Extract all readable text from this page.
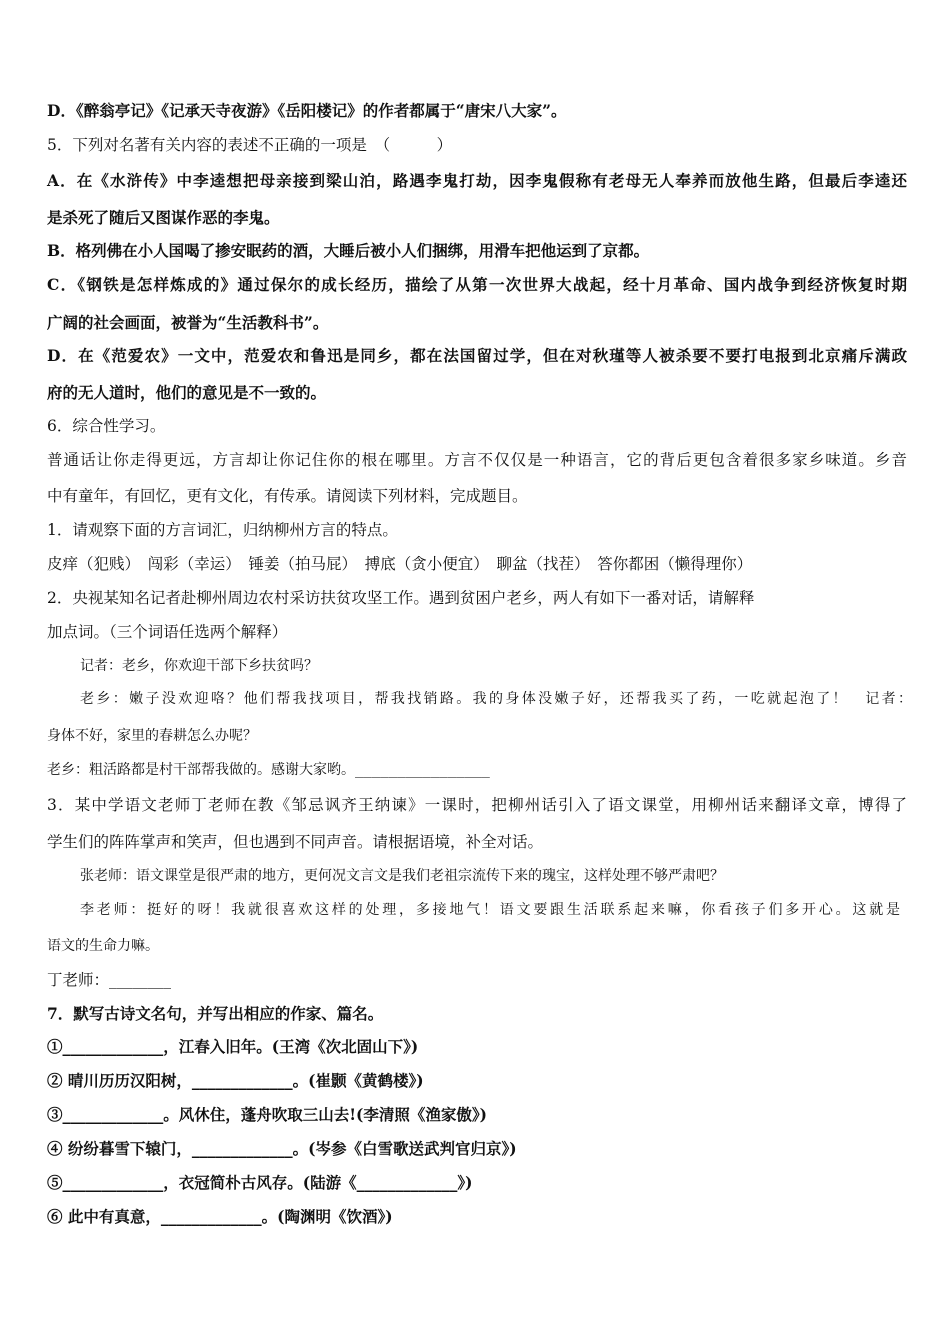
D．《醉翁亭记》《记承天寺夜游》《岳阳楼记》的作者都属于“唐宋八大家”。
5．下列对名著有关内容的表述不正确的一项是　（　　　）
A．在《水浒传》中李逵想把母亲接到梁山泊，路遇李鬼打劫，因李鬼假称有老母无人奉养而放他生路，但最后李逵还
是杀死了随后又图谋作恶的李鬼。
B．格列佛在小人国喝了掺安眠药的酒，大睡后被小人们捆绑，用滑车把他运到了京都。
C．《钢铁是怎样炼成的》通过保尔的成长经历，描绘了从第一次世界大战起，经十月革命、国内战争到经济恢复时期
广阔的社会画面，被誉为“生活教科书”。
D．在《范爱农》一文中，范爱农和鲁迅是同乡，都在法国留过学，但在对秋瑾等人被杀要不要打电报到北京痛斥满政
府的无人道时，他们的意见是不一致的。
6．综合性学习。
普通话让你走得更远，方言却让你记住你的根在哪里。方言不仅仅是一种语言，它的背后更包含着很多家乡味道。乡音
中有童年，有回忆，更有文化，有传承。请阅读下列材料，完成题目。
1．请观察下面的方言词汇，归纳柳州方言的特点。
皮痒（犯贱）　闯彩（幸运）　锤姜（拍马屁）　搏底（贪小便宜）　聊盆（找茬）　答你都困（懒得理你）
2．央视某知名记者赴柳州周边农村采访扶贫攻坚工作。遇到贫困户老乡，两人有如下一番对话，请解释
加点词。（三个词语任选两个解释）
记者：老乡，你欢迎干部下乡扶贫吗？
老乡：嫩子没欢迎咯？他们帮我找项目，帮我找销路。我的身体没嫩子好，还帮我买了药，一吃就起泡了！　记者：
身体不好，家里的春耕怎么办呢？
老乡：粗活路都是村干部帮我做的。感谢大家哟。________________
3．某中学语文老师丁老师在教《邹忌讽齐王纳谏》一课时，把柳州话引入了语文课堂，用柳州话来翻译文章，博得了
学生们的阵阵掌声和笑声，但也遇到不同声音。请根据语境，补全对话。
张老师：语文课堂是很严肃的地方，更何况文言文是我们老祖宗流传下来的瑰宝，这样处理不够严肃吧？
李老师：挺好的呀！我就很喜欢这样的处理，多接地气！语文要跟生活联系起来嘛，你看孩子们多开心。这就是
语文的生命力嘛。
丁老师：________
7．默写古诗文名句，并写出相应的作家、篇名。
①_____________，江春入旧年。(王湾《次北固山下》)
② 晴川历历汉阳树，_____________。(崔颢《黄鹤楼》)
③_____________。风休住，蓬舟吹取三山去!(李清照《渔家傲》)
④ 纷纷暮雪下辕门，_____________。(岑参《白雪歌送武判官归京》)
⑤_____________，衣冠简朴古风存。(陆游《_____________》)
⑥ 此中有真意，_____________。(陶渊明《饮酒》)
